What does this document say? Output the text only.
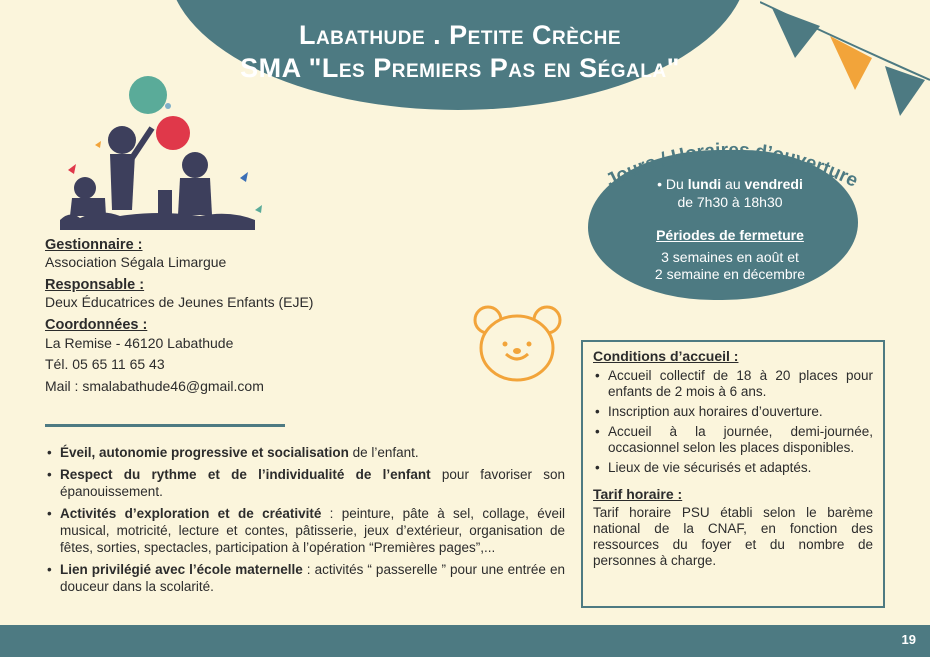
Labathude . Petite Crèche
SMA "Les Premiers Pas en Ségala"
Jours / Horaires d’ouverture
• Du lundi au vendredi
de 7h30 à 18h30
Périodes de fermeture
3 semaines en août et
2 semaine en décembre
Gestionnaire :
Association Ségala Limargue
Responsable :
Deux Éducatrices de Jeunes Enfants (EJE)
Coordonnées :
La Remise - 46120 Labathude
Tél. 05 65 11 65 43
Mail : smalabathude46@gmail.com
• Éveil, autonomie progressive et socialisation de l’enfant.
• Respect du rythme et de l’individualité de l’enfant pour favoriser son épanouissement.
• Activités d’exploration et de créativité : peinture, pâte à sel, collage, éveil musical, motricité, lecture et contes, pâtisserie, jeux d’extérieur, organisation de fêtes, sorties, spectacles, participation à l’opération “Premières pages”,...
• Lien privilégié avec l’école maternelle : activités “ passerelle ” pour une entrée en douceur dans la scolarité.
Conditions d’accueil :
• Accueil collectif de 18 à 20 places pour enfants de 2 mois à 6 ans.
• Inscription aux horaires d’ouverture.
• Accueil à la journée, demi-journée, occasionnel selon les places disponibles.
• Lieux de vie sécurisés et adaptés.
Tarif horaire :
Tarif horaire PSU établi selon le barème national de la CNAF, en fonction des ressources du foyer et du nombre de personnes à charge.
19
